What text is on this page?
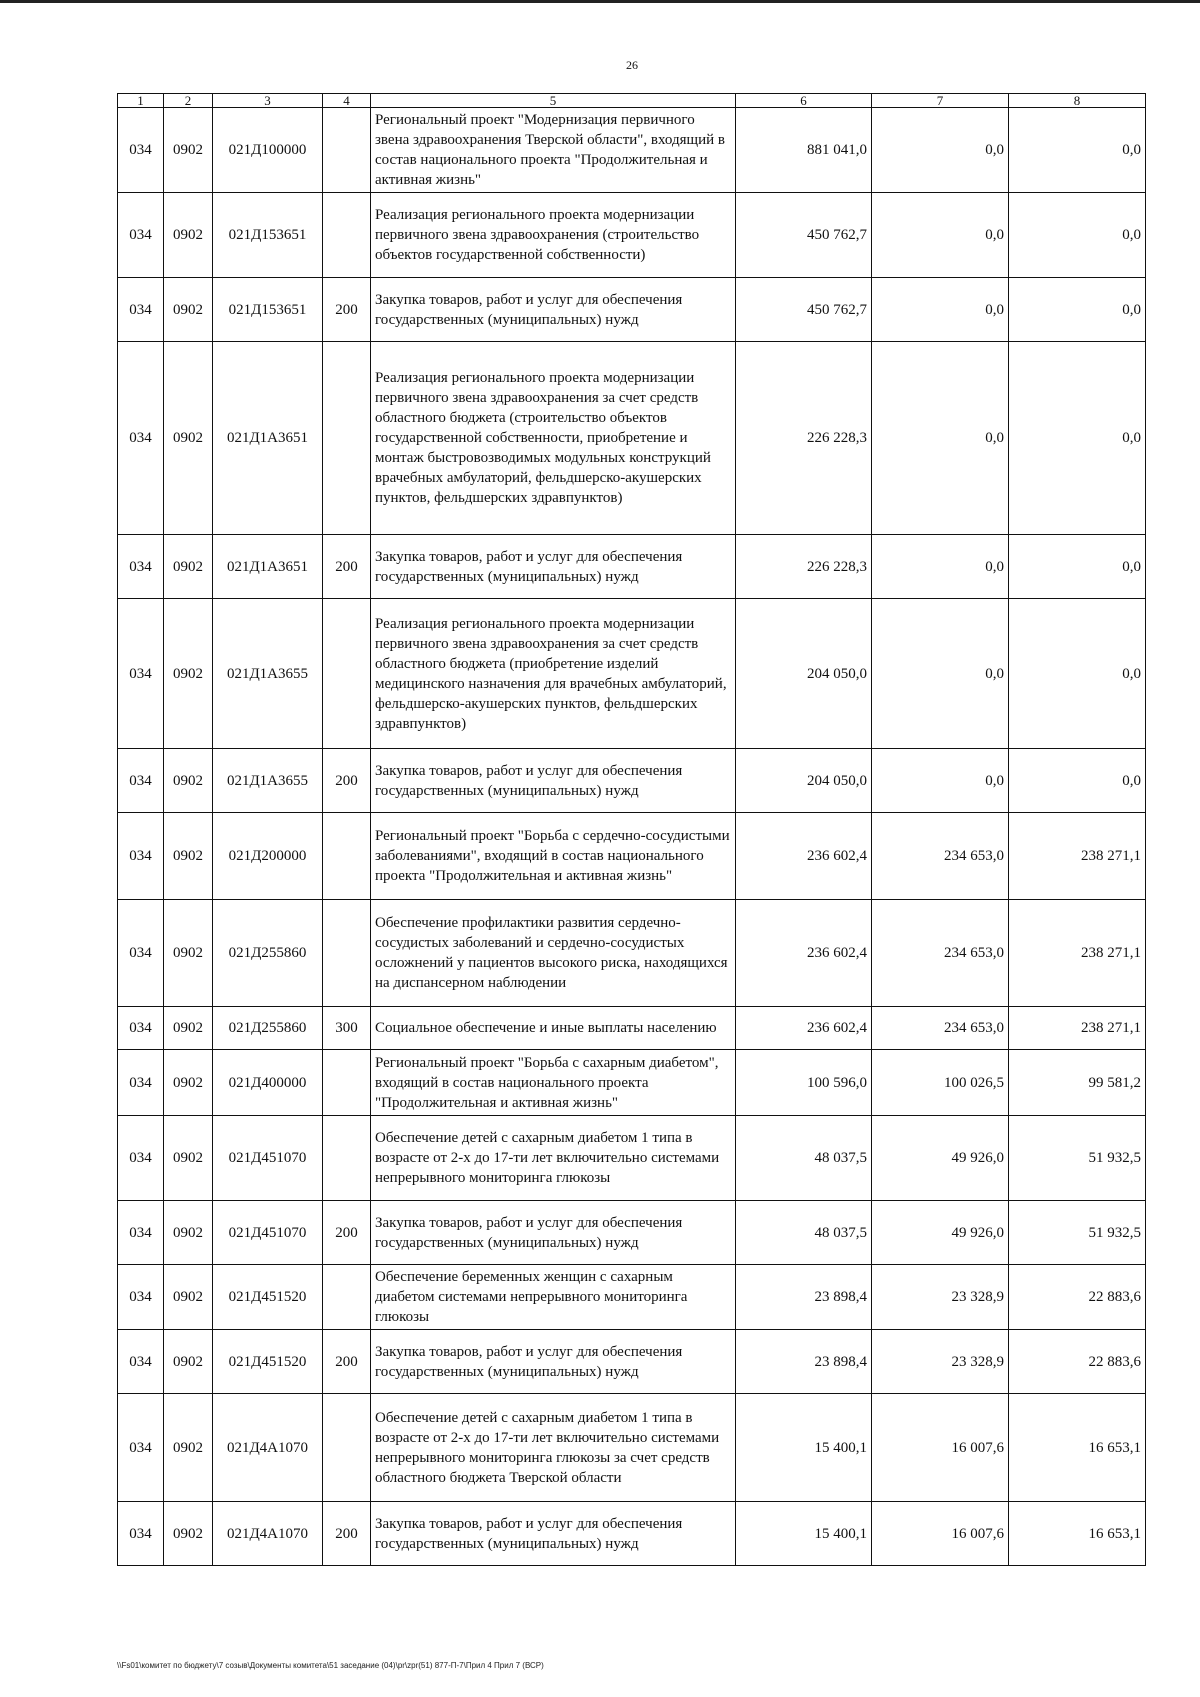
26
1	2	3	4	5	6	7	8
034	0902	021Д100000		Региональный проект "Модернизация первичного звена здравоохранения Тверской области", входящий в состав национального проекта "Продолжительная и активная жизнь"	881 041,0	0,0	0,0
034	0902	021Д153651		Реализация регионального проекта модернизации первичного звена здравоохранения (строительство объектов государственной собственности)	450 762,7	0,0	0,0
034	0902	021Д153651	200	Закупка товаров, работ и услуг для обеспечения государственных (муниципальных) нужд	450 762,7	0,0	0,0
034	0902	021Д1А3651		Реализация регионального проекта модернизации первичного звена здравоохранения за счет средств областного бюджета (строительство объектов государственной собственности, приобретение и монтаж быстровозводимых модульных конструкций врачебных амбулаторий, фельдшерско-акушерских пунктов, фельдшерских здравпунктов)	226 228,3	0,0	0,0
034	0902	021Д1А3651	200	Закупка товаров, работ и услуг для обеспечения государственных (муниципальных) нужд	226 228,3	0,0	0,0
034	0902	021Д1А3655		Реализация регионального проекта модернизации первичного звена здравоохранения за счет средств областного бюджета (приобретение изделий медицинского назначения для врачебных амбулаторий, фельдшерско-акушерских пунктов, фельдшерских здравпунктов)	204 050,0	0,0	0,0
034	0902	021Д1А3655	200	Закупка товаров, работ и услуг для обеспечения государственных (муниципальных) нужд	204 050,0	0,0	0,0
034	0902	021Д200000		Региональный проект "Борьба с сердечно-сосудистыми заболеваниями", входящий в состав национального проекта "Продолжительная и активная жизнь"	236 602,4	234 653,0	238 271,1
034	0902	021Д255860		Обеспечение профилактики развития сердечно-сосудистых заболеваний и сердечно-сосудистых осложнений у пациентов высокого риска, находящихся на диспансерном наблюдении	236 602,4	234 653,0	238 271,1
034	0902	021Д255860	300	Социальное обеспечение и иные выплаты населению	236 602,4	234 653,0	238 271,1
034	0902	021Д400000		Региональный проект "Борьба с сахарным диабетом", входящий в состав национального проекта "Продолжительная и активная жизнь"	100 596,0	100 026,5	99 581,2
034	0902	021Д451070		Обеспечение детей с сахарным диабетом 1 типа в возрасте от 2-х до 17-ти лет включительно системами непрерывного мониторинга глюкозы	48 037,5	49 926,0	51 932,5
034	0902	021Д451070	200	Закупка товаров, работ и услуг для обеспечения государственных (муниципальных) нужд	48 037,5	49 926,0	51 932,5
034	0902	021Д451520		Обеспечение беременных женщин с сахарным диабетом системами непрерывного мониторинга глюкозы	23 898,4	23 328,9	22 883,6
034	0902	021Д451520	200	Закупка товаров, работ и услуг для обеспечения государственных (муниципальных) нужд	23 898,4	23 328,9	22 883,6
034	0902	021Д4А1070		Обеспечение детей с сахарным диабетом 1 типа в возрасте от 2-х до 17-ти лет включительно системами непрерывного мониторинга глюкозы за счет средств областного бюджета Тверской области	15 400,1	16 007,6	16 653,1
034	0902	021Д4А1070	200	Закупка товаров, работ и услуг для обеспечения государственных (муниципальных) нужд	15 400,1	16 007,6	16 653,1
\\Fs01\комитет по бюджету\7 созыв\Документы комитета\51 заседание (04)\pr\zpr(51) 877-П-7\Прил 4 Прил 7 (ВСР)
